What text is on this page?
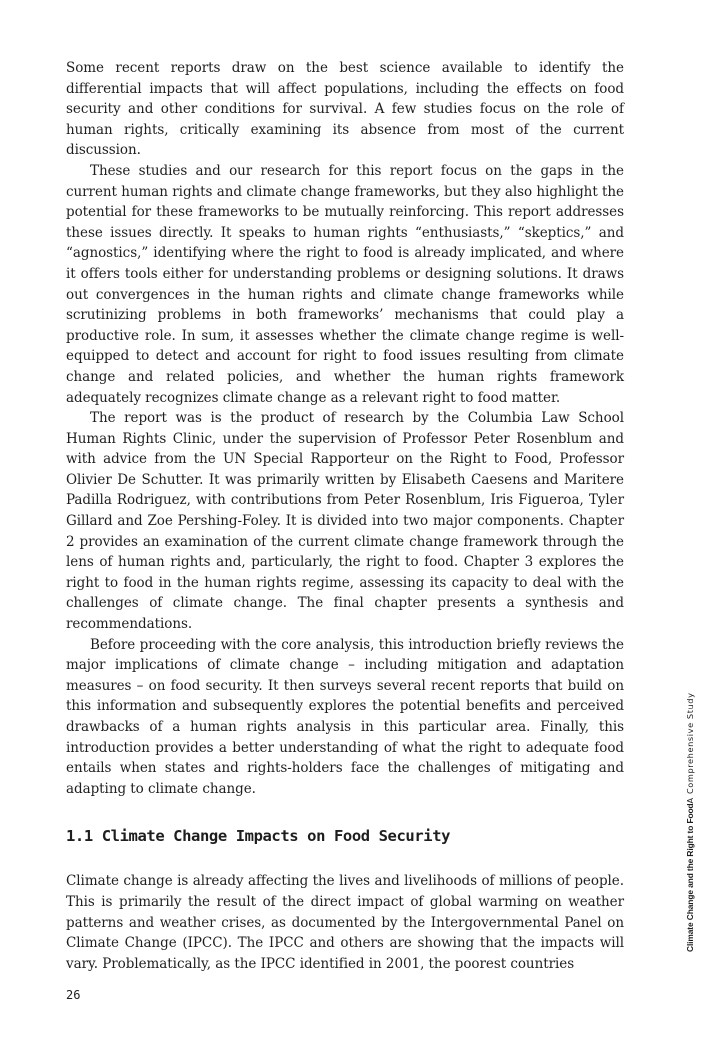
Some recent reports draw on the best science available to identify the differential impacts that will affect populations, including the effects on food security and other conditions for survival. A few studies focus on the role of human rights, critically examining its absence from most of the current discussion.

These studies and our research for this report focus on the gaps in the current human rights and climate change frameworks, but they also highlight the potential for these frameworks to be mutually reinforcing. This report addresses these issues directly. It speaks to human rights “enthusiasts,” “skeptics,” and “agnostics,” identifying where the right to food is already implicated, and where it offers tools either for understanding problems or designing solutions. It draws out convergences in the human rights and climate change frameworks while scrutinizing problems in both frameworks’ mechanisms that could play a productive role. In sum, it assesses whether the climate change regime is well-equipped to detect and account for right to food issues resulting from climate change and related policies, and whether the human rights framework adequately recognizes climate change as a relevant right to food matter.

The report was is the product of research by the Columbia Law School Human Rights Clinic, under the supervision of Professor Peter Rosenblum and with advice from the UN Special Rapporteur on the Right to Food, Professor Olivier De Schutter. It was primarily written by Elisabeth Caesens and Maritere Padilla Rodriguez, with contributions from Peter Rosenblum, Iris Figueroa, Tyler Gillard and Zoe Pershing-Foley. It is divided into two major components. Chapter 2 provides an examination of the current climate change framework through the lens of human rights and, particularly, the right to food. Chapter 3 explores the right to food in the human rights regime, assessing its capacity to deal with the challenges of climate change. The final chapter presents a synthesis and recommendations.

Before proceeding with the core analysis, this introduction briefly reviews the major implications of climate change – including mitigation and adaptation measures – on food security. It then surveys several recent reports that build on this information and subsequently explores the potential benefits and perceived drawbacks of a human rights analysis in this particular area. Finally, this introduction provides a better understanding of what the right to adequate food entails when states and rights-holders face the challenges of mitigating and adapting to climate change.

1.1 Climate Change Impacts on Food Security

Climate change is already affecting the lives and livelihoods of millions of people. This is primarily the result of the direct impact of global warming on weather patterns and weather crises, as documented by the Intergovernmental Panel on Climate Change (IPCC). The IPCC and others are showing that the impacts will vary. Problematically, as the IPCC identified in 2001, the poorest countries

26
Climate Change and the Right to FoodA Comprehensive Study
